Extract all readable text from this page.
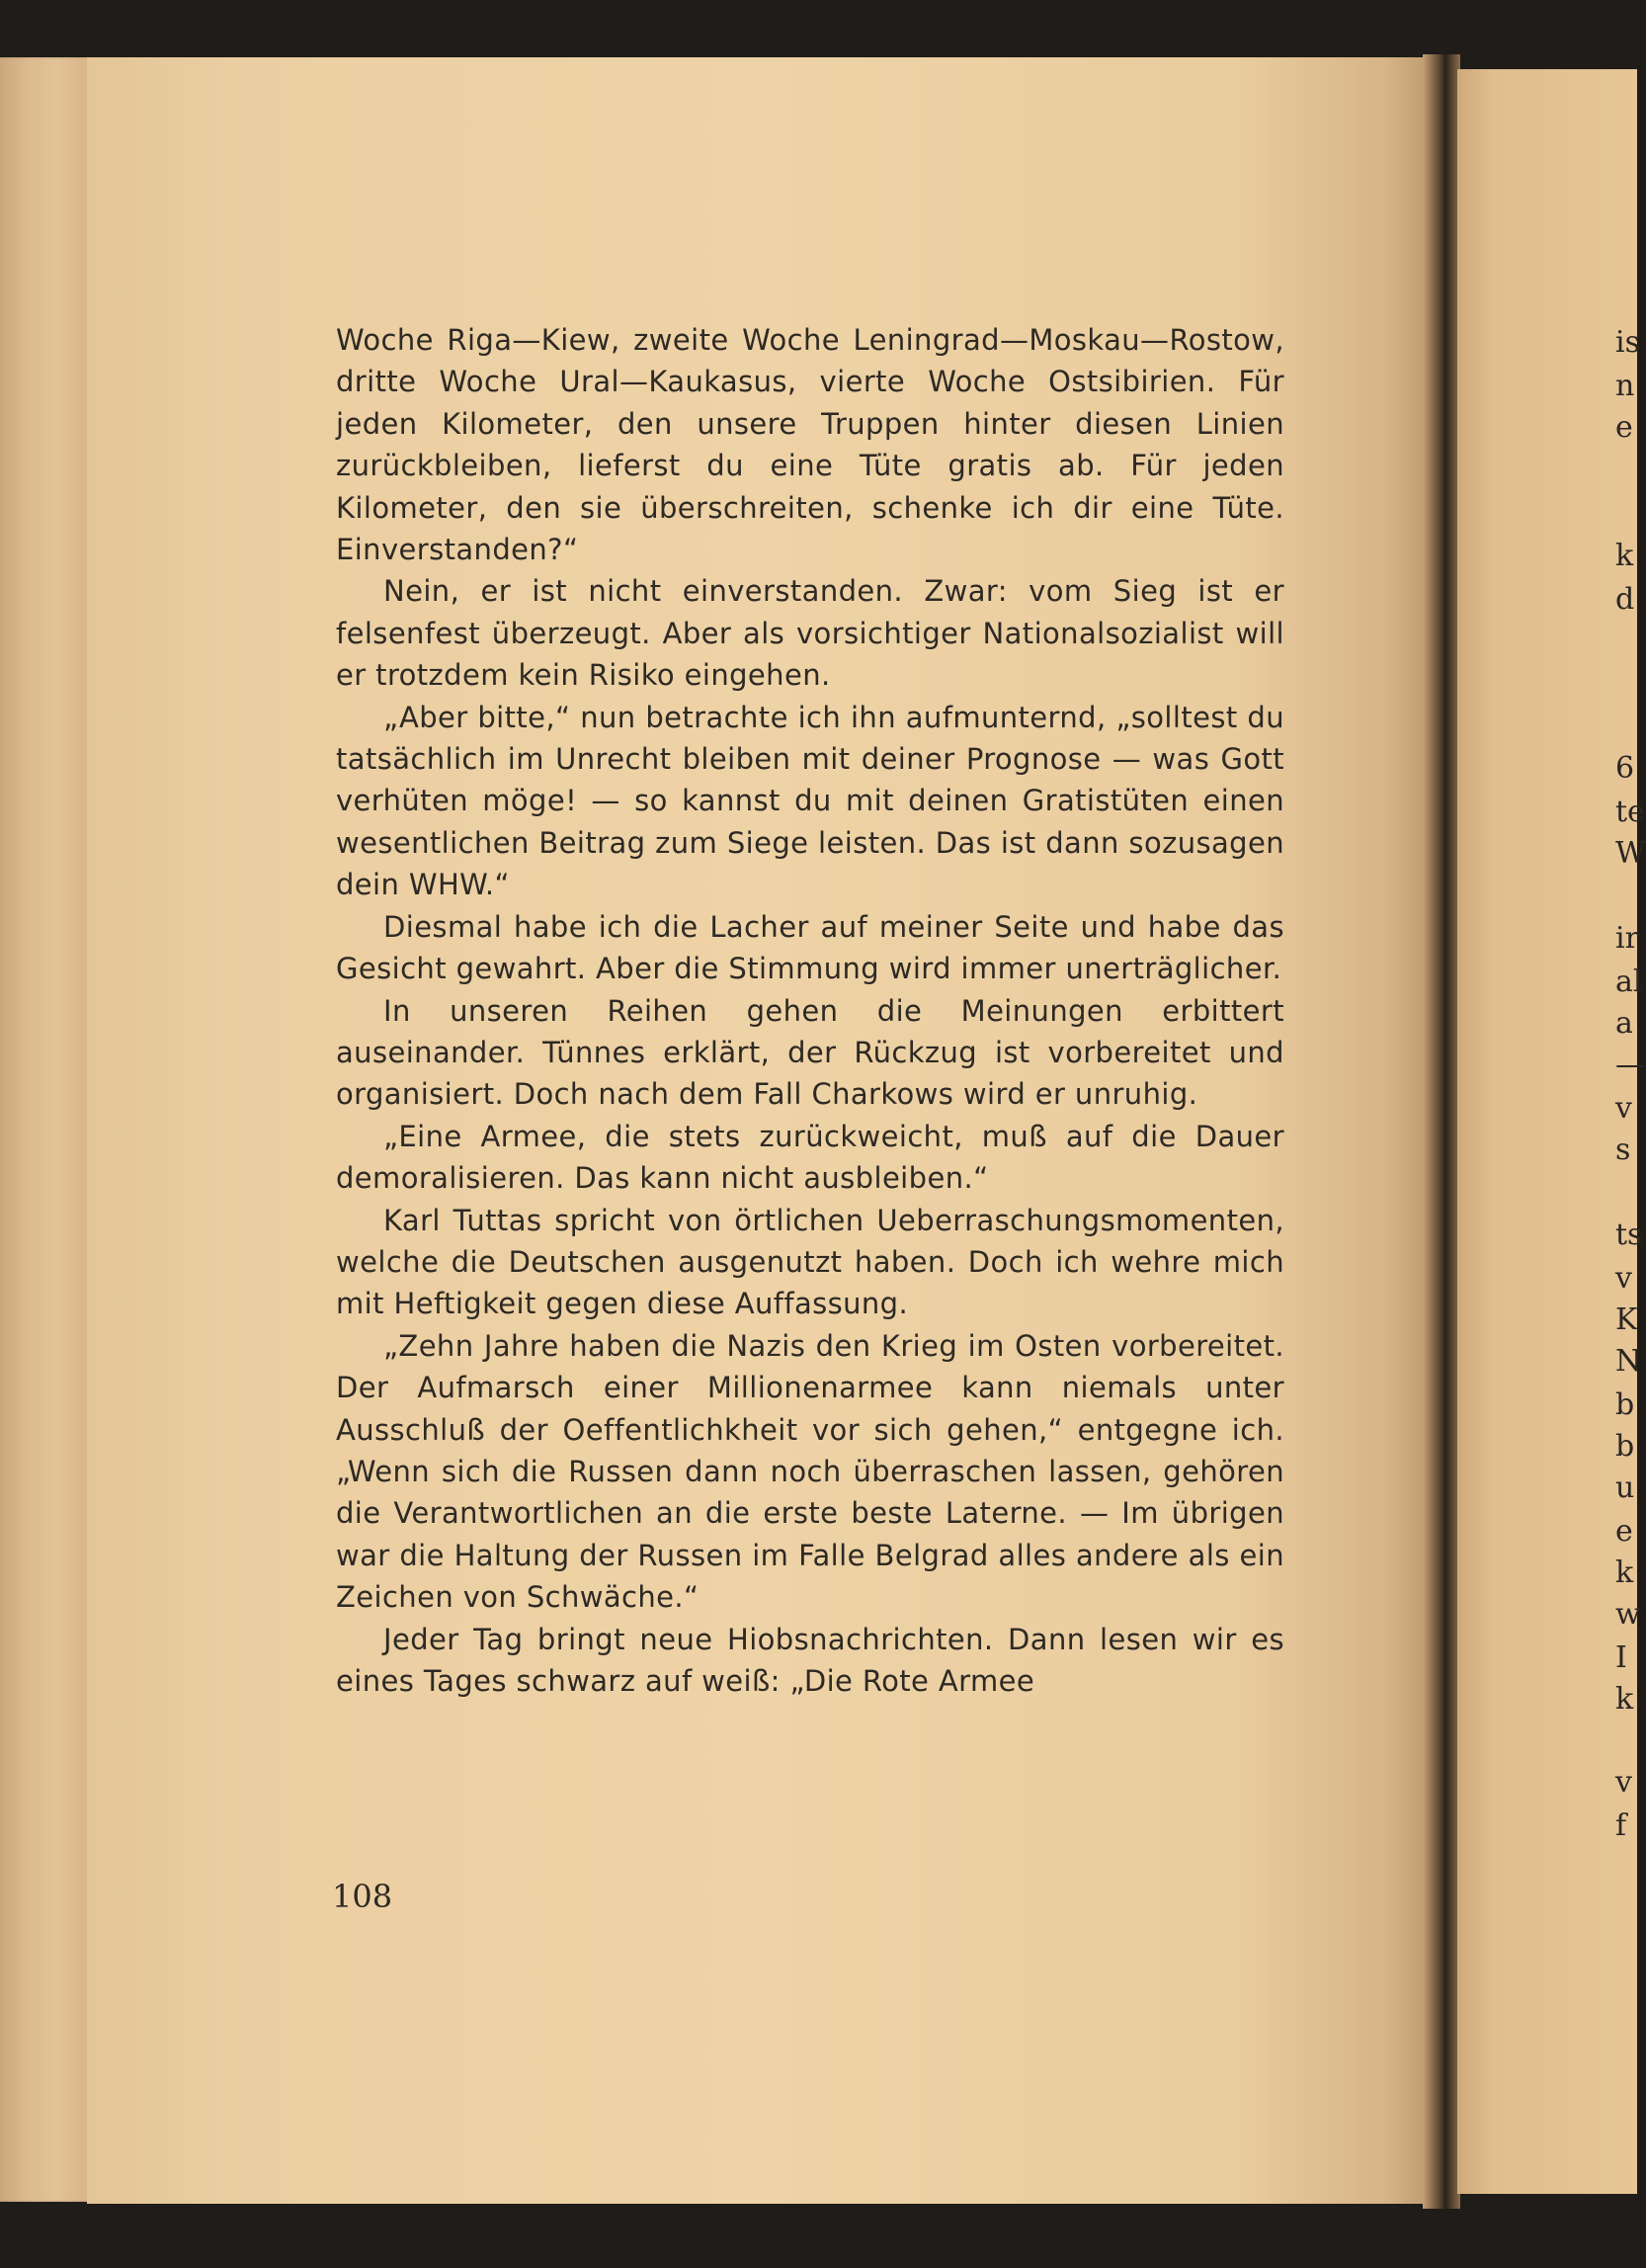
is
n
e
k
d
6
te
W
ir
al
a
—
v
s
ts
v
K
N
b
b
u
e
k
w
I
k
v
f

Woche Riga—Kiew, zweite Woche Leningrad—Moskau—Rostow, dritte Woche Ural—Kaukasus, vierte Woche Ostsibirien. Für jeden Kilometer, den unsere Truppen hinter diesen Linien zurückbleiben, lieferst du eine Tüte gratis ab. Für jeden Kilometer, den sie überschreiten, schenke ich dir eine Tüte. Einverstanden?“

Nein, er ist nicht einverstanden. Zwar: vom Sieg ist er felsenfest überzeugt. Aber als vorsichtiger Nationalsozialist will er trotzdem kein Risiko eingehen.

„Aber bitte,“ nun betrachte ich ihn aufmunternd, „solltest du tatsächlich im Unrecht bleiben mit deiner Prognose — was Gott verhüten möge! — so kannst du mit deinen Gratistüten einen wesentlichen Beitrag zum Siege leisten. Das ist dann sozusagen dein WHW.“

Diesmal habe ich die Lacher auf meiner Seite und habe das Gesicht gewahrt. Aber die Stimmung wird immer unerträglicher.

In unseren Reihen gehen die Meinungen erbittert auseinander. Tünnes erklärt, der Rückzug ist vorbereitet und organisiert. Doch nach dem Fall Charkows wird er unruhig.

„Eine Armee, die stets zurückweicht, muß auf die Dauer demoralisieren. Das kann nicht ausbleiben.“

Karl Tuttas spricht von örtlichen Ueberraschungsmomenten, welche die Deutschen ausgenutzt haben. Doch ich wehre mich mit Heftigkeit gegen diese Auffassung.

„Zehn Jahre haben die Nazis den Krieg im Osten vorbereitet. Der Aufmarsch einer Millionenarmee kann niemals unter Ausschluß der Oeffentlichkheit vor sich gehen,“ entgegne ich. „Wenn sich die Russen dann noch überraschen lassen, gehören die Verantwortlichen an die erste beste Laterne. — Im übrigen war die Haltung der Russen im Falle Belgrad alles andere als ein Zeichen von Schwäche.“

Jeder Tag bringt neue Hiobsnachrichten. Dann lesen wir es eines Tages schwarz auf weiß: „Die Rote Armee

108
